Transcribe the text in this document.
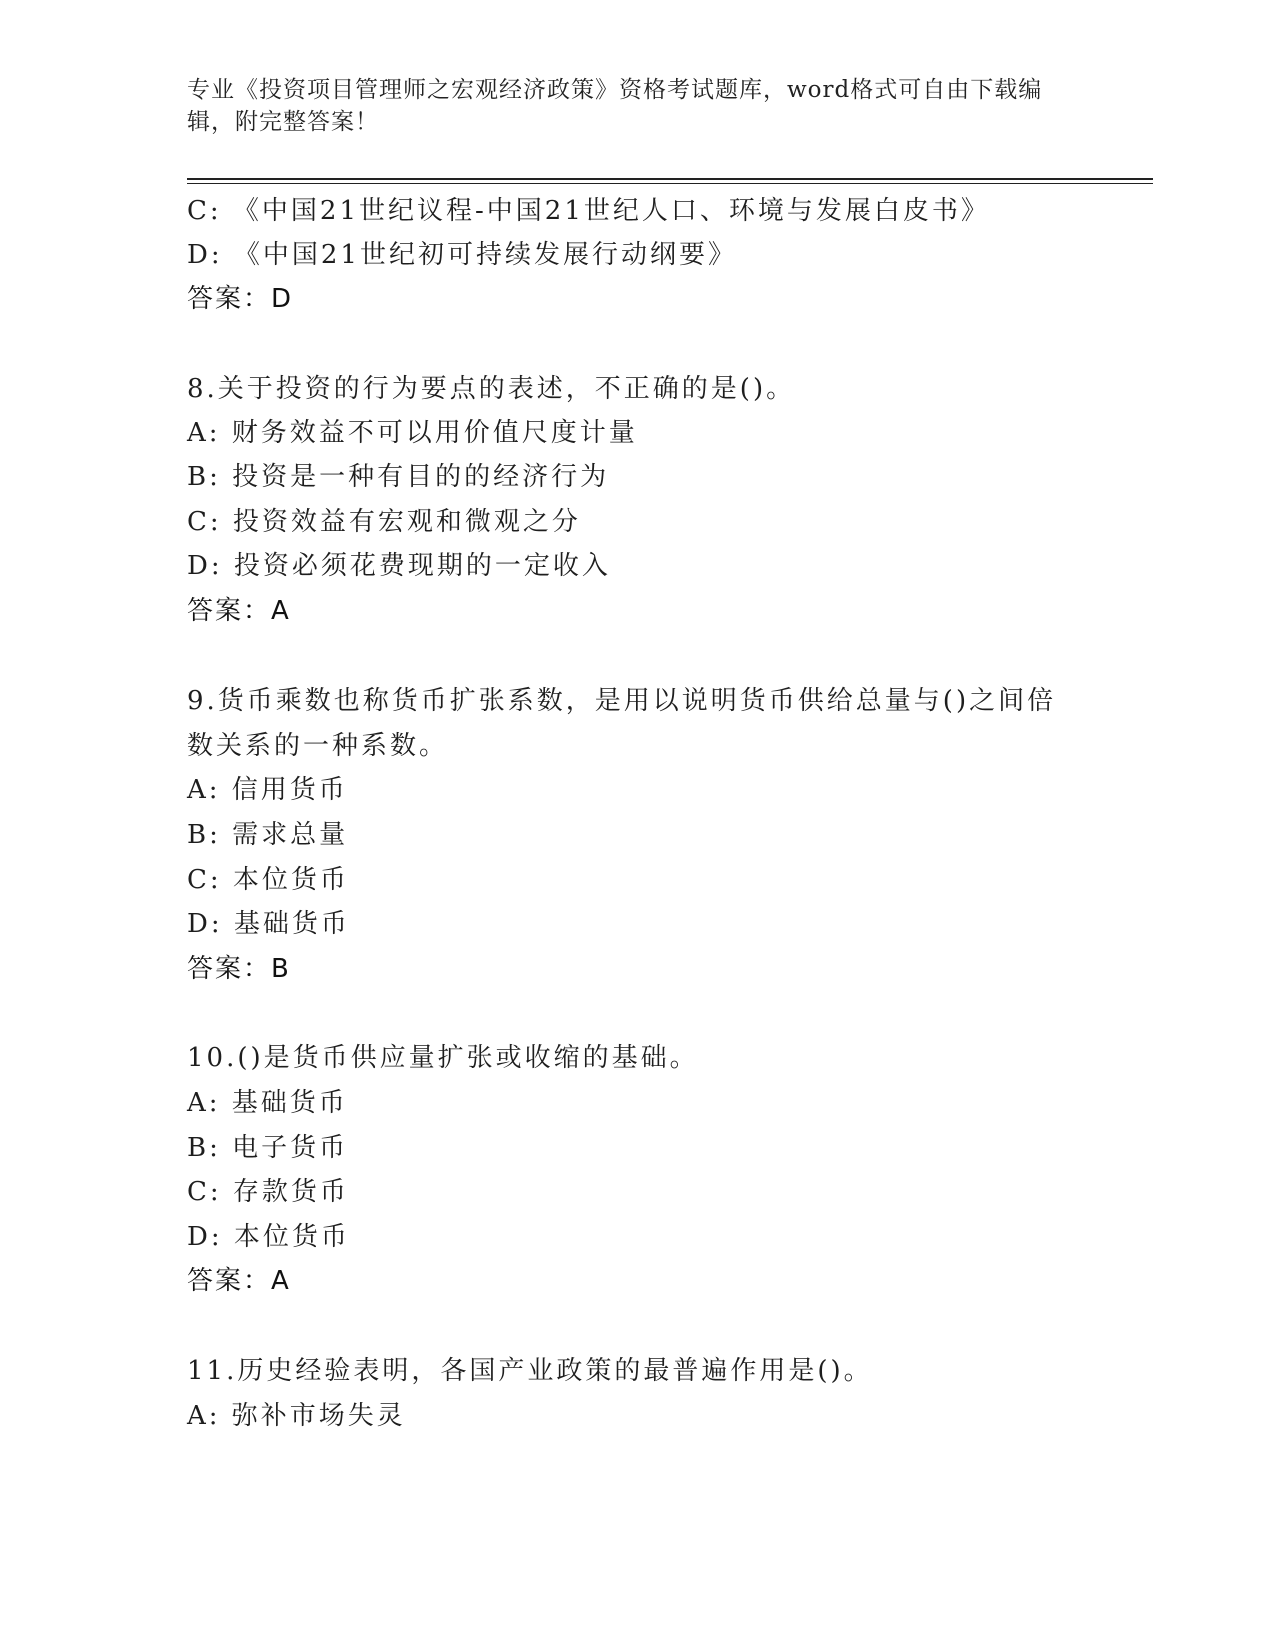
专业《投资项目管理师之宏观经济政策》资格考试题库，word格式可自由下载编
辑，附完整答案！
C: 《中国21世纪议程-中国21世纪人口、环境与发展白皮书》
D: 《中国21世纪初可持续发展行动纲要》
答案：D
8.关于投资的行为要点的表述，不正确的是()。
A: 财务效益不可以用价值尺度计量
B: 投资是一种有目的的经济行为
C: 投资效益有宏观和微观之分
D: 投资必须花费现期的一定收入
答案：A
9.货币乘数也称货币扩张系数，是用以说明货币供给总量与()之间倍
数关系的一种系数。
A: 信用货币
B: 需求总量
C: 本位货币
D: 基础货币
答案：B
10.()是货币供应量扩张或收缩的基础。
A: 基础货币
B: 电子货币
C: 存款货币
D: 本位货币
答案：A
11.历史经验表明，各国产业政策的最普遍作用是()。
A: 弥补市场失灵
